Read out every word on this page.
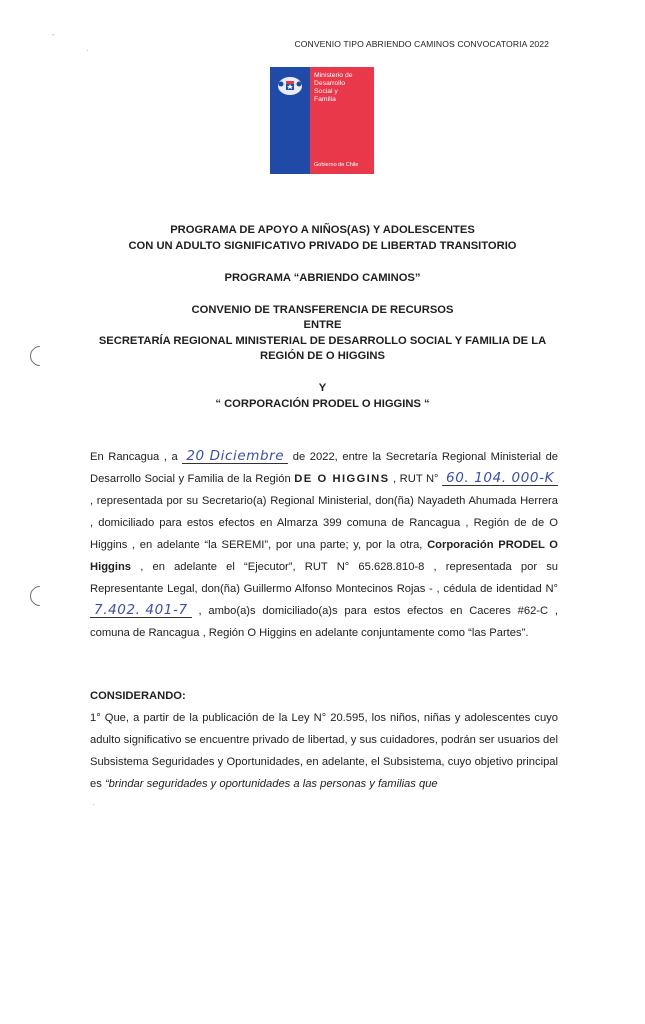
CONVENIO TIPO ABRIENDO CAMINOS CONVOCATORIA 2022
-
·
Ministerio de
Desarrollo
Social y
Familia
Gobierno de Chile
PROGRAMA DE APOYO A NIÑOS(AS) Y ADOLESCENTES
CON UN ADULTO SIGNIFICATIVO PRIVADO DE LIBERTAD TRANSITORIO
PROGRAMA “ABRIENDO CAMINOS”
CONVENIO DE TRANSFERENCIA DE RECURSOS
ENTRE
SECRETARÍA REGIONAL MINISTERIAL DE DESARROLLO SOCIAL Y FAMILIA DE LA
REGIÓN DE O HIGGINS
Y
“ CORPORACIÓN PRODEL O HIGGINS “

En Rancagua , a 20 Diciembre de 2022, entre la Secretaría Regional Ministerial de Desarrollo Social y Familia de la Región DE O HIGGINS , RUT N° 60. 104. 000-K , representada por su Secretario(a) Regional Ministerial, don(ña) Nayadeth Ahumada Herrera , domiciliado para estos efectos en Almarza 399 comuna de Rancagua , Región de de O Higgins , en adelante “la SEREMI”, por una parte; y, por la otra, Corporación PRODEL O Higgins , en adelante el “Ejecutor”, RUT N° 65.628.810-8 , representada por su Representante Legal, don(ña) Guillermo Alfonso Montecinos Rojas - , cédula de identidad N° 7.402. 401-7 , ambo(a)s domiciliado(a)s para estos efectos en Caceres #62-C , comuna de Rancagua , Región O Higgins en adelante conjuntamente como “las Partes”.

CONSIDERANDO:

1° Que, a partir de la publicación de la Ley N° 20.595, los niños, niñas y adolescentes cuyo adulto significativo se encuentre privado de libertad, y sus cuidadores, podrán ser usuarios del Subsistema Seguridades y Oportunidades, en adelante, el Subsistema, cuyo objetivo principal es “brindar seguridades y oportunidades a las personas y familias que

·
